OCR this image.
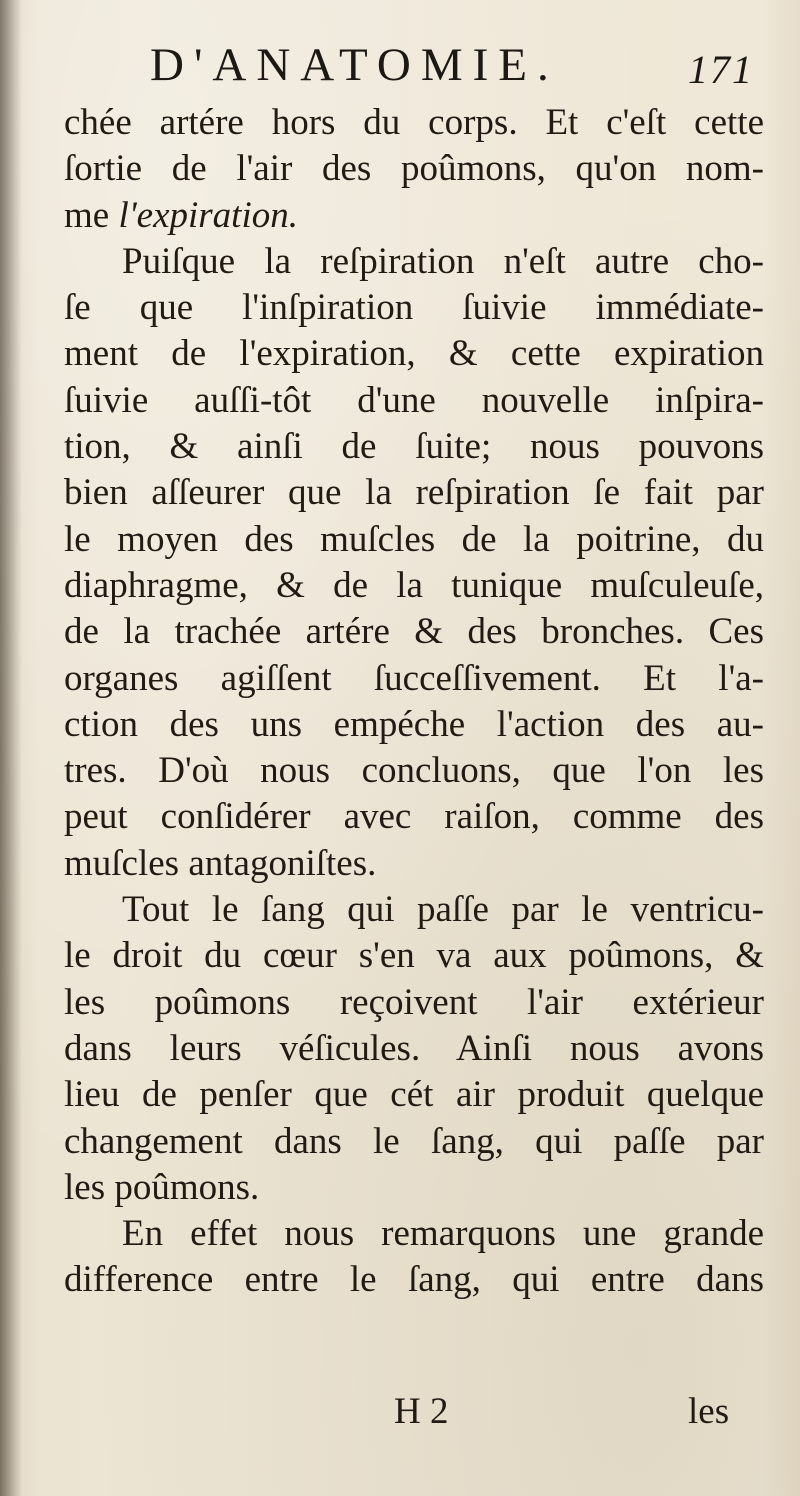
D'ANATOMIE.	171
chée artére hors du corps. Et c'eſt cette
ſortie de l'air des poûmons, qu'on nom-
me l'expiration.
Puiſque la reſpiration n'eſt autre cho-
ſe que l'inſpiration ſuivie immédiate-
ment de l'expiration, & cette expiration
ſuivie auſſi-tôt d'une nouvelle inſpira-
tion, & ainſi de ſuite; nous pouvons
bien aſſeurer que la reſpiration ſe fait par
le moyen des muſcles de la poitrine, du
diaphragme, & de la tunique muſculeuſe,
de la trachée artére & des bronches. Ces
organes agiſſent ſucceſſivement. Et l'a-
ction des uns empéche l'action des au-
tres. D'où nous concluons, que l'on les
peut conſidérer avec raiſon, comme des
muſcles antagoniſtes.
Tout le ſang qui paſſe par le ventricu-
le droit du cœur s'en va aux poûmons, &
les poûmons reçoivent l'air extérieur
dans leurs véſicules. Ainſi nous avons
lieu de penſer que cét air produit quelque
changement dans le ſang, qui paſſe par
les poûmons.
En effet nous remarquons une grande
difference entre le ſang, qui entre dans
H 2	les
